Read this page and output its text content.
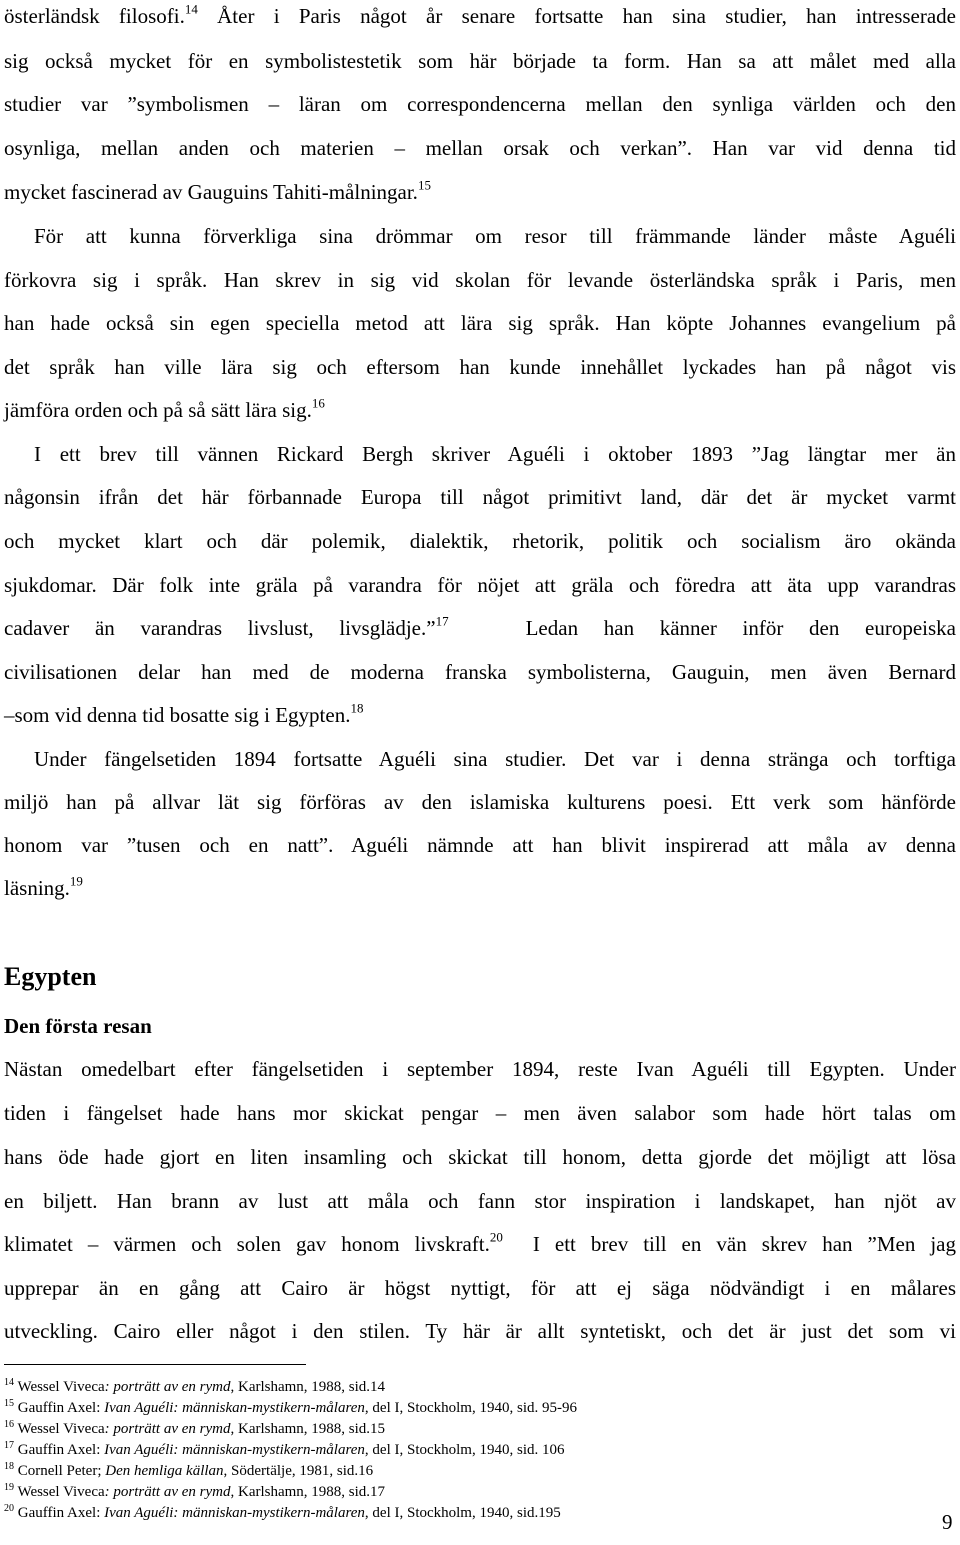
österländsk filosofi.$^{14}$ Åter i Paris något år senare fortsatte han sina studier, han intresserade
sig också mycket för en symbolistestetik som här började ta form. Han sa att målet med alla
studier var ”symbolismen – läran om correspondencerna mellan den synliga världen och den
osynliga, mellan anden och materien – mellan orsak och verkan”. Han var vid denna tid
mycket fascinerad av Gauguins Tahiti-målningar.$^{15}$
För att kunna förverkliga sina drömmar om resor till främmande länder måste Aguéli
förkovra sig i språk. Han skrev in sig vid skolan för levande österländska språk i Paris, men
han hade också sin egen speciella metod att lära sig språk. Han köpte Johannes evangelium på
det språk han ville lära sig och eftersom han kunde innehållet lyckades han på något vis
jämföra orden och på så sätt lära sig.$^{16}$
I ett brev till vännen Rickard Bergh skriver Aguéli i oktober 1893 ”Jag längtar mer än
någonsin ifrån det här förbannade Europa till något primitivt land, där det är mycket varmt
och mycket klart och där polemik, dialektik, rhetorik, politik och socialism äro okända
sjukdomar. Där folk inte gräla på varandra för nöjet att gräla och föredra att äta upp varandras
cadaver än varandras livslust, livsglädje.”$^{17}$   Ledan han känner inför den europeiska
civilisationen delar han med de moderna franska symbolisterna, Gauguin, men även Bernard
–som vid denna tid bosatte sig i Egypten.$^{18}$
Under fängelsetiden 1894 fortsatte Aguéli sina studier. Det var i denna stränga och torftiga
miljö han på allvar lät sig förföras av den islamiska kulturens poesi. Ett verk som hänförde
honom var ”tusen och en natt”. Aguéli nämnde att han blivit inspirerad att måla av denna
läsning.$^{19}$
Egypten
Den första resan
Nästan omedelbart efter fängelsetiden i september 1894, reste Ivan Aguéli till Egypten. Under
tiden i fängelset hade hans mor skickat pengar – men även salabor som hade hört talas om
hans öde hade gjort en liten insamling och skickat till honom, detta gjorde det möjligt att lösa
en biljett. Han brann av lust att måla och fann stor inspiration i landskapet, han njöt av
klimatet – värmen och solen gav honom livskraft.$^{20}$  I ett brev till en vän skrev han ”Men jag
upprepar än en gång att Cairo är högst nyttigt, för att ej säga nödvändigt i en målares
utveckling. Cairo eller något i den stilen. Ty här är allt syntetiskt, och det är just det som vi
$^{14}$ Wessel Viveca: porträtt av en rymd, Karlshamn, 1988, sid.14
$^{15}$ Gauffin Axel: Ivan Aguéli: människan-mystikern-målaren, del I, Stockholm, 1940, sid. 95-96
$^{16}$ Wessel Viveca: porträtt av en rymd, Karlshamn, 1988, sid.15
$^{17}$ Gauffin Axel: Ivan Aguéli: människan-mystikern-målaren, del I, Stockholm, 1940, sid. 106
$^{18}$ Cornell Peter; Den hemliga källan, Södertälje, 1981, sid.16
$^{19}$ Wessel Viveca: porträtt av en rymd, Karlshamn, 1988, sid.17
$^{20}$ Gauffin Axel: Ivan Aguéli: människan-mystikern-målaren, del I, Stockholm, 1940, sid.195	9
